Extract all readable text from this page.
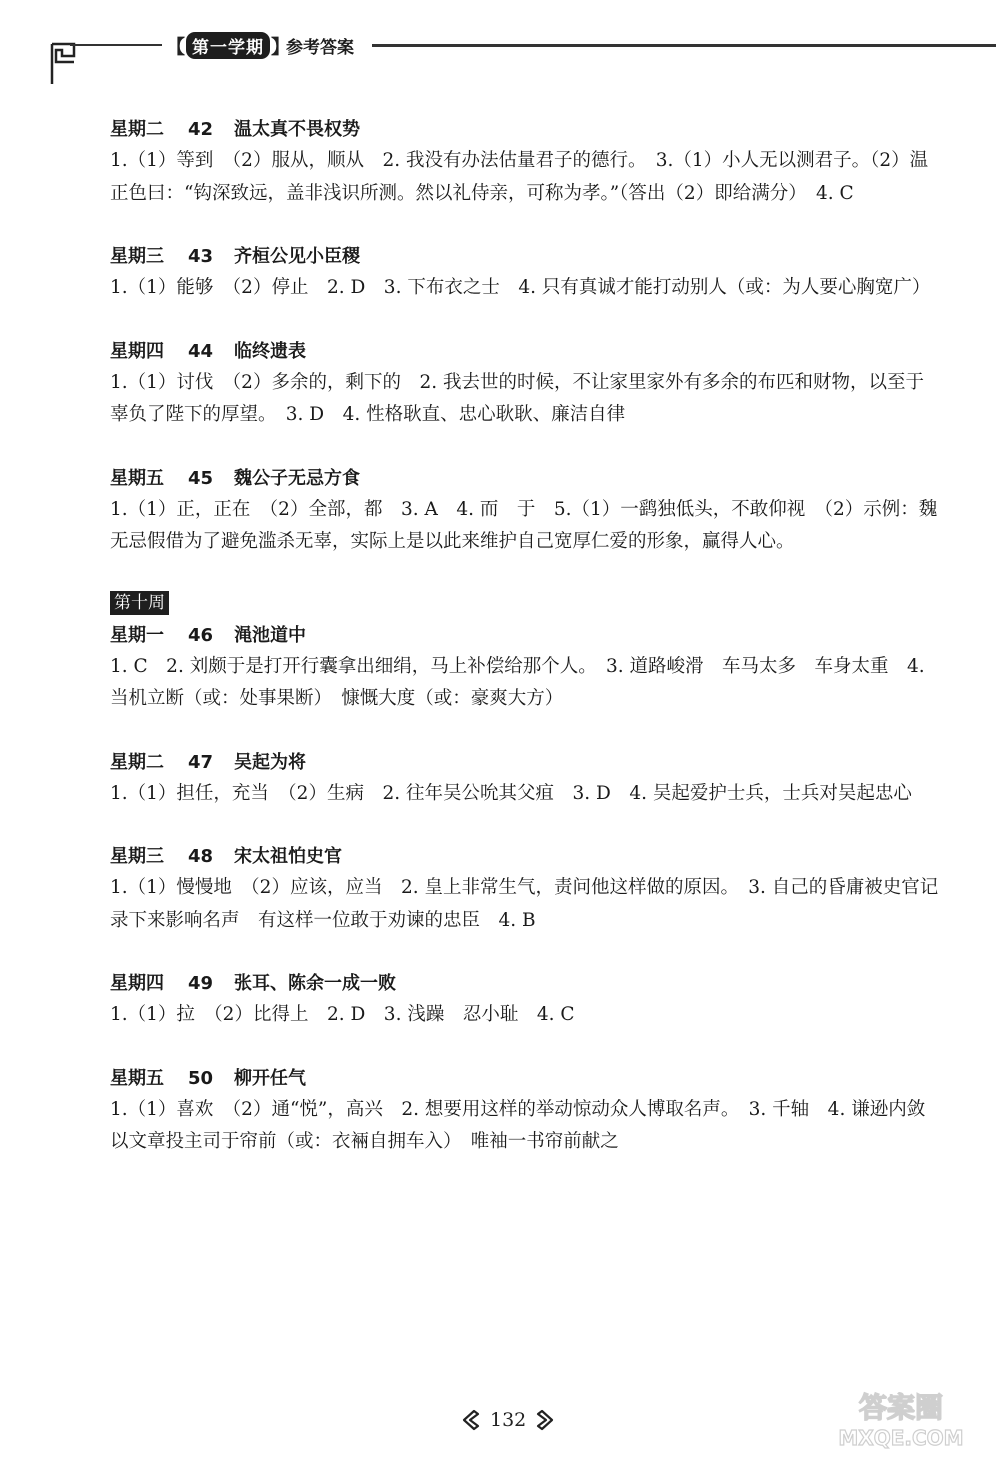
【 第一学期 】
参考答案
星期二 42 温太真不畏权势

1.（1）等到　（2）服从，顺从　2. 我没有办法估量君子的德行。　3.（1）小人无以测君子。（2）温正色曰：“钩深致远，盖非浅识所测。然以礼侍亲，可称为孝。”（答出（2）即给满分）　4. C

星期三 43 齐桓公见小臣稷

1.（1）能够　（2）停止　2. D　3. 下布衣之士　4. 只有真诚才能打动别人（或：为人要心胸宽广）

星期四 44 临终遗表

1.（1）讨伐　（2）多余的，剩下的　2. 我去世的时候，不让家里家外有多余的布匹和财物，以至于辜负了陛下的厚望。　3. D　4. 性格耿直、忠心耿耿、廉洁自律

星期五 45 魏公子无忌方食

1.（1）正，正在　（2）全部，都　3. A　4. 而　于　5.（1）一鹞独低头，不敢仰视　（2）示例：魏无忌假借为了避免滥杀无辜，实际上是以此来维护自己宽厚仁爱的形象，赢得人心。

第十周
星期一 46 渑池道中

1. C　2. 刘颇于是打开行囊拿出细绢，马上补偿给那个人。　3. 道路峻滑　车马太多　车身太重　4. 当机立断（或：处事果断）　慷慨大度（或：豪爽大方）

星期二 47 吴起为将

1.（1）担任，充当　（2）生病　2. 往年吴公吮其父疽　3. D　4. 吴起爱护士兵，士兵对吴起忠心

星期三 48 宋太祖怕史官

1.（1）慢慢地　（2）应该，应当　2. 皇上非常生气，责问他这样做的原因。　3. 自己的昏庸被史官记录下来影响名声　有这样一位敢于劝谏的忠臣　4. B

星期四 49 张耳、陈余一成一败

1.（1）拉　（2）比得上　2. D　3. 浅躁　忍小耻　4. C

星期五 50 柳开任气

1.（1）喜欢　（2）通“悦”，高兴　2. 想要用这样的举动惊动众人博取名声。　3. 千轴　4. 谦逊内敛　以文章投主司于帘前（或：衣裲自拥车入）　唯袖一书帘前献之

132	答案圈
MXQE.COM
